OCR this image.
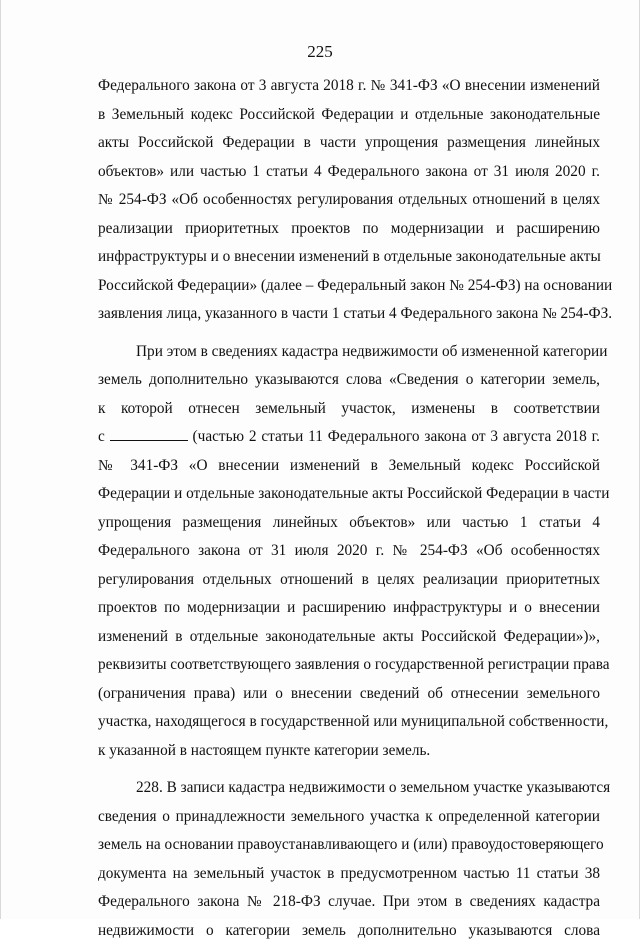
225
Федерального закона от 3 августа 2018 г. № 341-ФЗ «О внесении изменений
в Земельный кодекс Российской Федерации и отдельные законодательные
акты Российской Федерации в части упрощения размещения линейных
объектов» или частью 1 статьи 4 Федерального закона от 31 июля 2020 г.
№ 254-ФЗ «Об особенностях регулирования отдельных отношений в целях
реализации приоритетных проектов по модернизации и расширению
инфраструктуры и о внесении изменений в отдельные законодательные акты
Российской Федерации» (далее – Федеральный закон № 254-ФЗ) на основании
заявления лица, указанного в части 1 статьи 4 Федерального закона № 254-ФЗ.
При этом в сведениях кадастра недвижимости об измененной категории
земель дополнительно указываются слова «Сведения о категории земель,
к которой отнесен земельный участок, изменены в соответствии
с	(частью 2 статьи 11 Федерального закона от 3 августа 2018 г.
№ 341-ФЗ «О внесении изменений в Земельный кодекс Российской
Федерации и отдельные законодательные акты Российской Федерации в части
упрощения размещения линейных объектов» или частью 1 статьи 4
Федерального закона от 31 июля 2020 г. № 254-ФЗ «Об особенностях
регулирования отдельных отношений в целях реализации приоритетных
проектов по модернизации и расширению инфраструктуры и о внесении
изменений в отдельные законодательные акты Российской Федерации»)»,
реквизиты соответствующего заявления о государственной регистрации права
(ограничения права) или о внесении сведений об отнесении земельного
участка, находящегося в государственной или муниципальной собственности,
к указанной в настоящем пункте категории земель.
228. В записи кадастра недвижимости о земельном участке указываются
сведения о принадлежности земельного участка к определенной категории
земель на основании правоустанавливающего и (или) правоудостоверяющего
документа на земельный участок в предусмотренном частью 11 статьи 38
Федерального закона № 218-ФЗ случае. При этом в сведениях кадастра
недвижимости о категории земель дополнительно указываются слова
